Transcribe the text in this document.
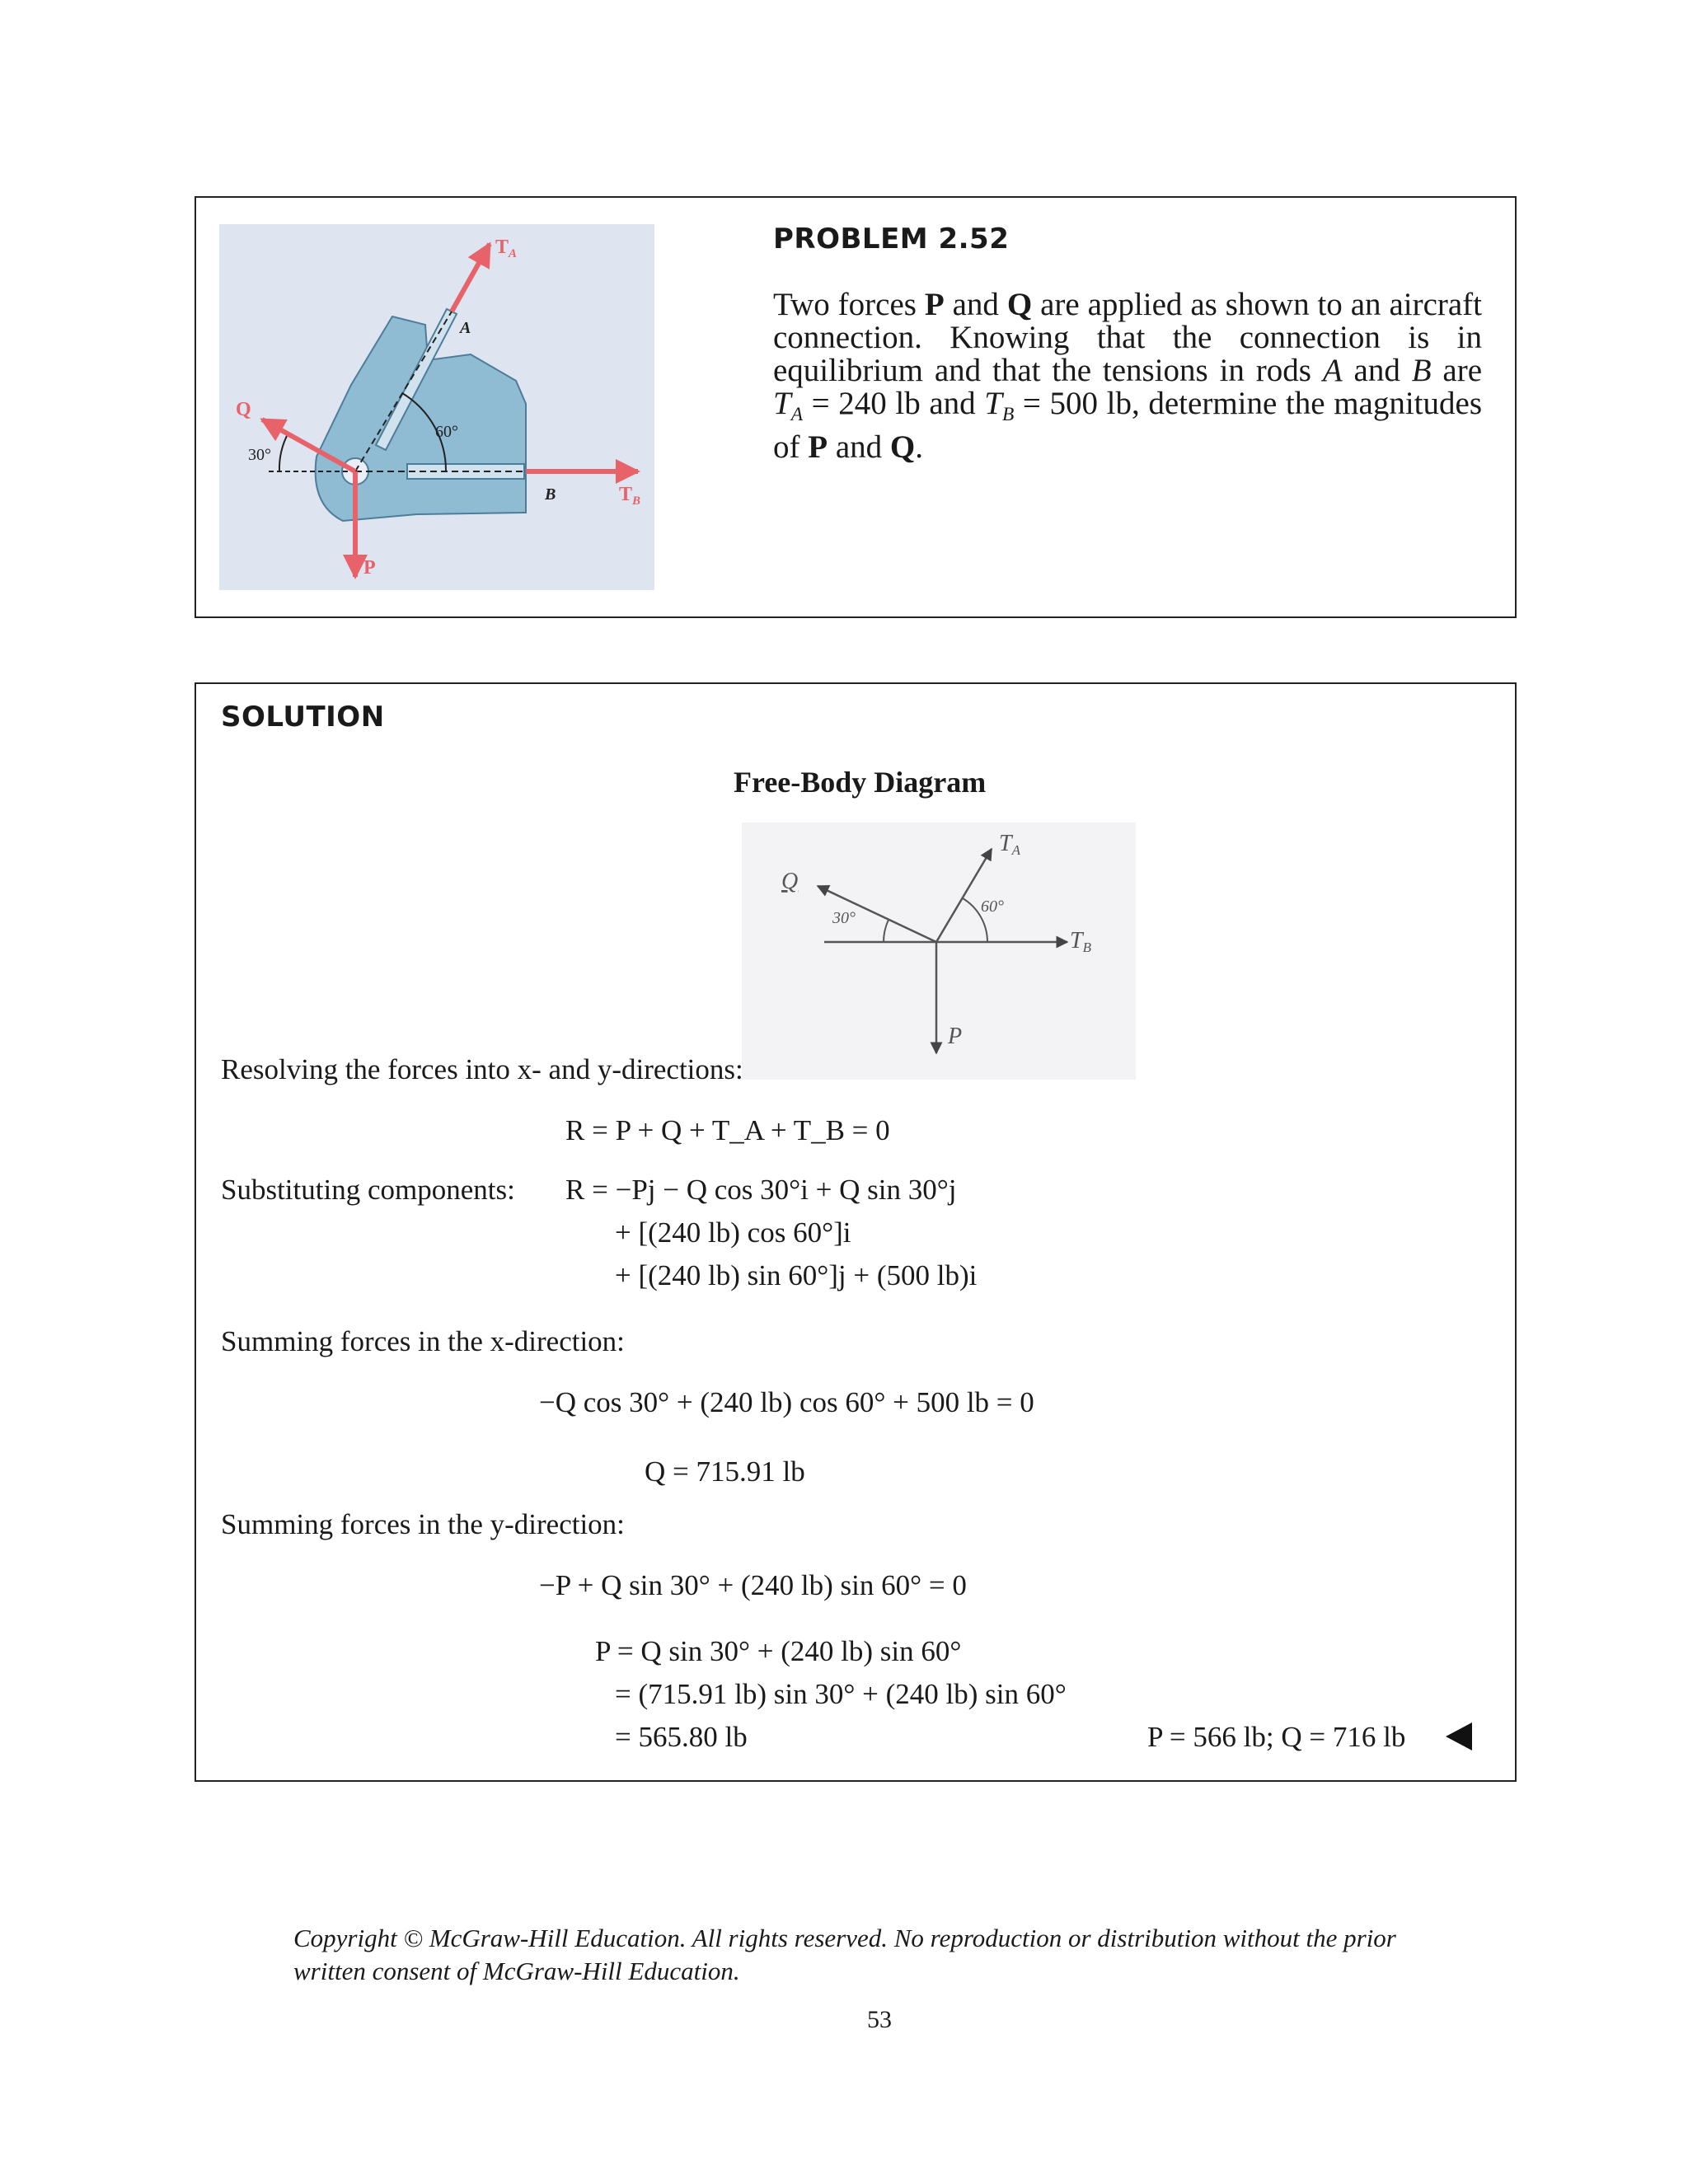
$T_A$
A
Q
60°
30°
B	$T_B$
P
PROBLEM 2.52
Two forces P and Q are applied as shown to an aircraft connection. Knowing that the connection is in equilibrium and that the tensions in rods A and B are $T_A = 240$ lb and $T_B = 500$ lb, determine the magnitudes of P and Q.
SOLUTION
Free-Body Diagram
Q
30°
TA
60°
TB
P
Resolving the forces into x- and y-directions:
R = P + Q + T_A + T_B = 0
Substituting components: R = −Pj − Q cos 30°i + Q sin 30°j
+ [(240 lb) cos 60°]i
+ [(240 lb) sin 60°]j + (500 lb)i
Summing forces in the x-direction:
−Q cos 30° + (240 lb) cos 60° + 500 lb = 0
Q = 715.91 lb
Summing forces in the y-direction:
−P + Q sin 30° + (240 lb) sin 60° = 0
P = Q sin 30° + (240 lb) sin 60°
= (715.91 lb) sin 30° + (240 lb) sin 60°
= 565.80 lb	P = 566 lb; Q = 716 lb
Copyright © McGraw-Hill Education. All rights reserved. No reproduction or distribution without the prior written consent of McGraw-Hill Education.
53
